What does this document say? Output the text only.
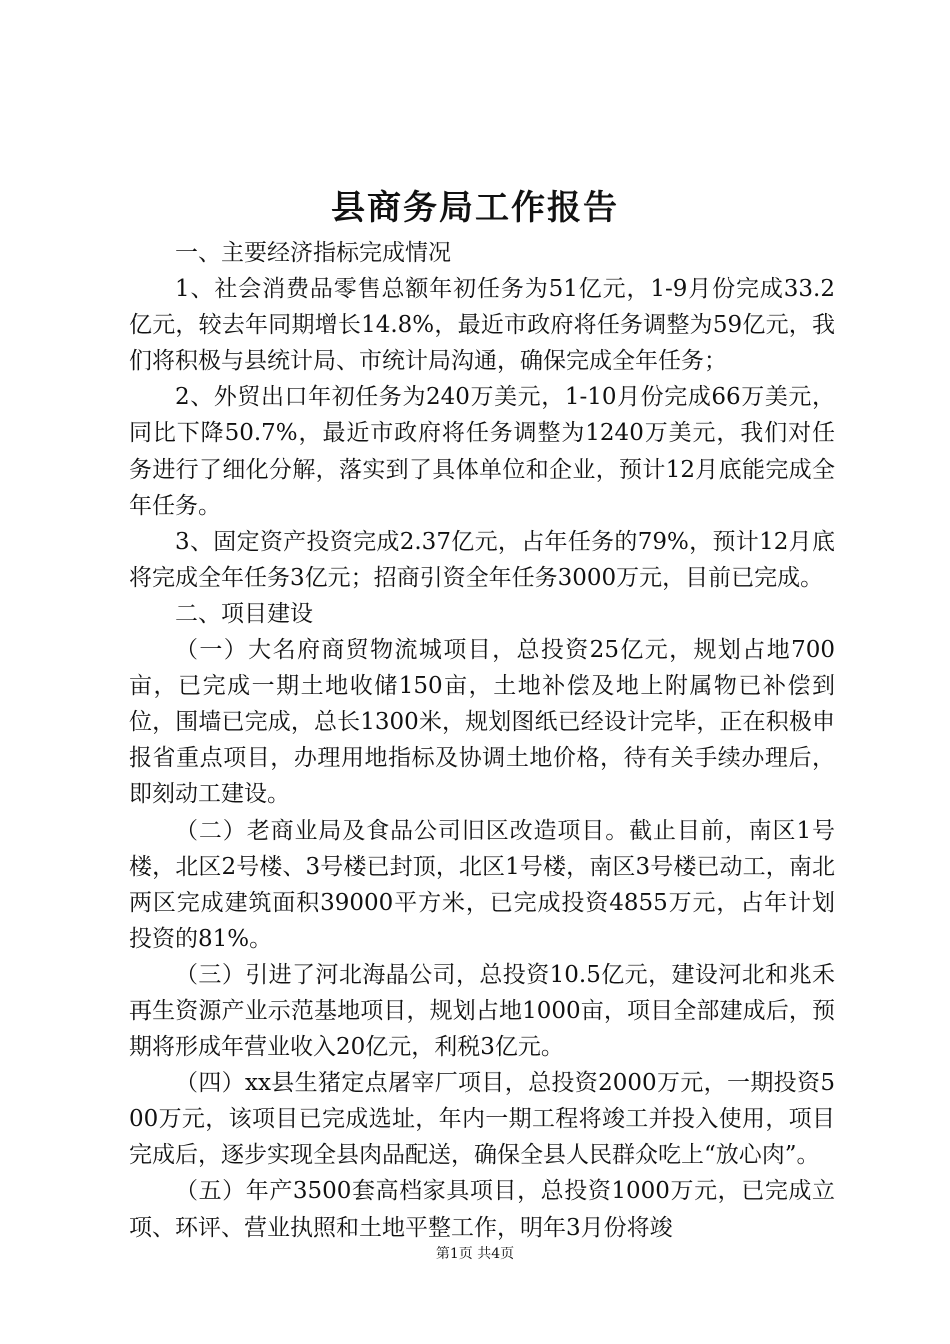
县商务局工作报告

一、主要经济指标完成情况

1、社会消费品零售总额年初任务为51亿元，1-9月份完成33.2亿元，较去年同期增长14.8%，最近市政府将任务调整为59亿元，我们将积极与县统计局、市统计局沟通，确保完成全年任务；

2、外贸出口年初任务为240万美元，1-10月份完成66万美元，同比下降50.7%，最近市政府将任务调整为1240万美元，我们对任务进行了细化分解，落实到了具体单位和企业，预计12月底能完成全年任务。

3、固定资产投资完成2.37亿元，占年任务的79%，预计12月底将完成全年任务3亿元；招商引资全年任务3000万元，目前已完成。

二、项目建设

（一）大名府商贸物流城项目，总投资25亿元，规划占地700亩，已完成一期土地收储150亩，土地补偿及地上附属物已补偿到位，围墙已完成，总长1300米，规划图纸已经设计完毕，正在积极申报省重点项目，办理用地指标及协调土地价格，待有关手续办理后，即刻动工建设。

（二）老商业局及食品公司旧区改造项目。截止目前，南区1号楼，北区2号楼、3号楼已封顶，北区1号楼，南区3号楼已动工，南北两区完成建筑面积39000平方米，已完成投资4855万元，占年计划投资的81%。

（三）引进了河北海晶公司，总投资10.5亿元，建设河北和兆禾再生资源产业示范基地项目，规划占地1000亩，项目全部建成后，预期将形成年营业收入20亿元，利税3亿元。

（四）xx县生猪定点屠宰厂项目，总投资2000万元，一期投资500万元，该项目已完成选址，年内一期工程将竣工并投入使用，项目完成后，逐步实现全县肉品配送，确保全县人民群众吃上“放心肉”。

（五）年产3500套高档家具项目，总投资1000万元，已完成立项、环评、营业执照和土地平整工作，明年3月份将竣

第1页 共4页
